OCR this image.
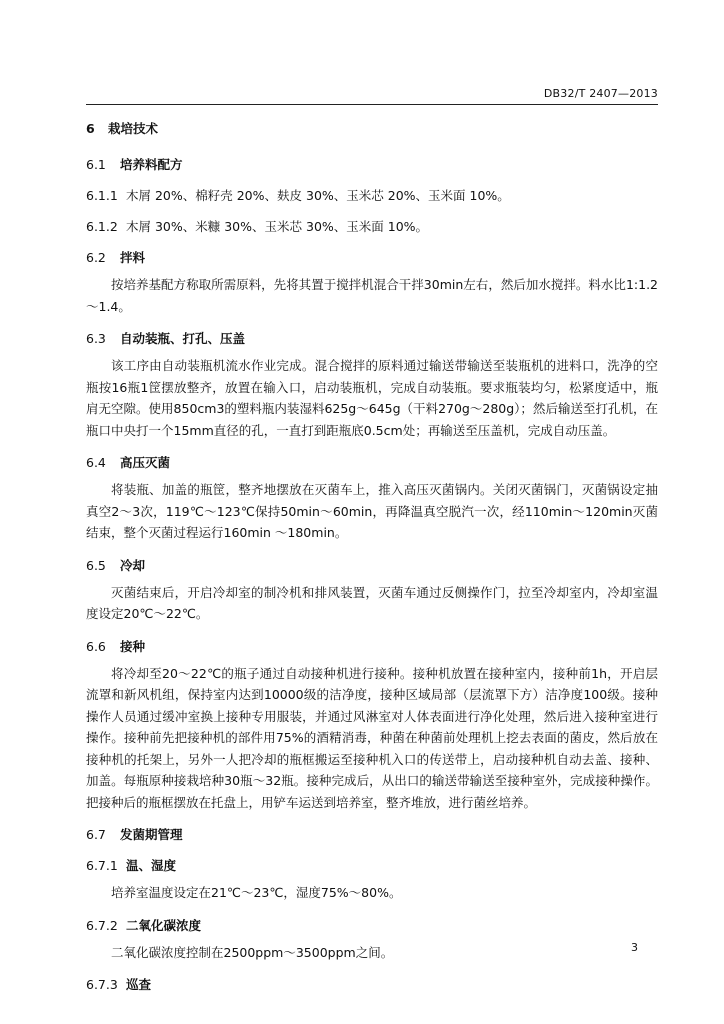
DB32/T 2407—2013
6 栽培技术
6.1 培养料配方
6.1.1 木屑 20%、棉籽壳 20%、麸皮 30%、玉米芯 20%、玉米面 10%。
6.1.2 木屑 30%、米糠 30%、玉米芯 30%、玉米面 10%。
6.2 拌料
按培养基配方称取所需原料，先将其置于搅拌机混合干拌30min左右，然后加水搅拌。料水比1:1.2～1.4。
6.3 自动装瓶、打孔、压盖
该工序由自动装瓶机流水作业完成。混合搅拌的原料通过输送带输送至装瓶机的进料口，洗净的空瓶按16瓶1筐摆放整齐，放置在输入口，启动装瓶机，完成自动装瓶。要求瓶装均匀，松紧度适中，瓶肩无空隙。使用850cm3的塑料瓶内装湿料625g～645g（干料270g～280g）；然后输送至打孔机，在瓶口中央打一个15mm直径的孔，一直打到距瓶底0.5cm处；再输送至压盖机，完成自动压盖。
6.4 高压灭菌
将装瓶、加盖的瓶筐，整齐地摆放在灭菌车上，推入高压灭菌锅内。关闭灭菌锅门，灭菌锅设定抽真空2～3次，119℃～123℃保持50min～60min，再降温真空脱汽一次，经110min～120min灭菌结束，整个灭菌过程运行160min ～180min。
6.5 冷却
灭菌结束后，开启冷却室的制冷机和排风装置，灭菌车通过反侧操作门，拉至冷却室内，冷却室温度设定20℃～22℃。
6.6 接种
将冷却至20～22℃的瓶子通过自动接种机进行接种。接种机放置在接种室内，接种前1h，开启层流罩和新风机组，保持室内达到10000级的洁净度，接种区域局部（层流罩下方）洁净度100级。接种操作人员通过缓冲室换上接种专用服装，并通过风淋室对人体表面进行净化处理，然后进入接种室进行操作。接种前先把接种机的部件用75%的酒精消毒，种菌在种菌前处理机上挖去表面的菌皮，然后放在接种机的托架上，另外一人把冷却的瓶框搬运至接种机入口的传送带上，启动接种机自动去盖、接种、加盖。每瓶原种接栽培种30瓶～32瓶。接种完成后，从出口的输送带输送至接种室外，完成接种操作。把接种后的瓶框摆放在托盘上，用铲车运送到培养室，整齐堆放，进行菌丝培养。
6.7 发菌期管理
6.7.1 温、湿度
培养室温度设定在21℃～23℃，湿度75%～80%。
6.7.2 二氧化碳浓度
二氧化碳浓度控制在2500ppm～3500ppm之间。
6.7.3 巡查
3
